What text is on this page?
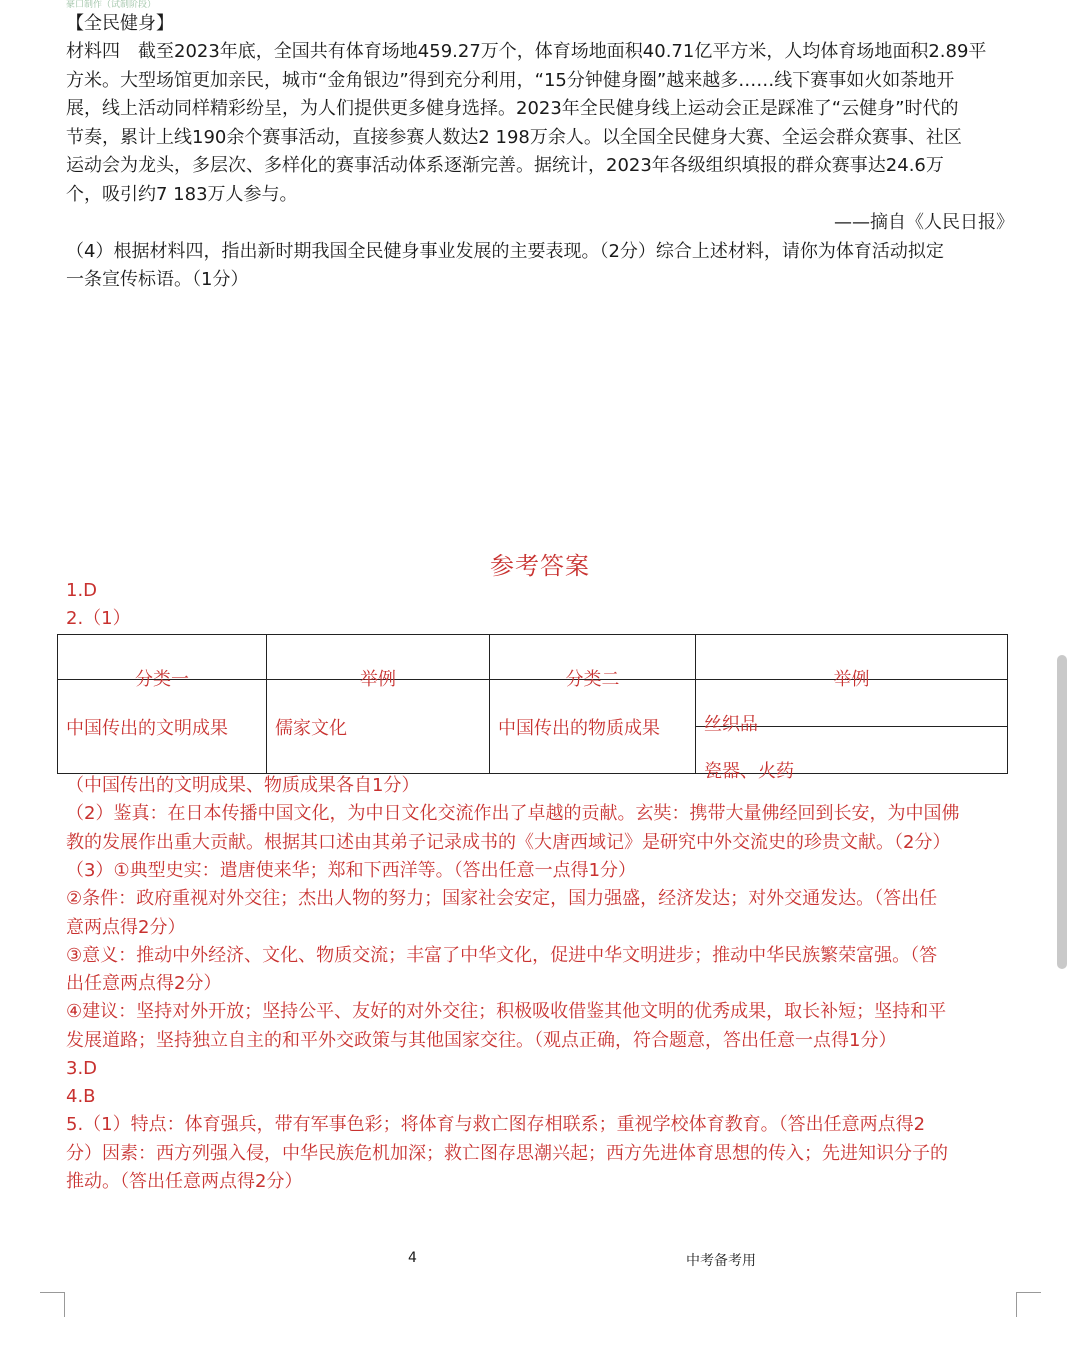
豪口制作（试制阶段）
【全民健身】
材料四　截至2023年底，全国共有体育场地459.27万个，体育场地面积40.71亿平方米，人均体育场地面积2.89平
方米。大型场馆更加亲民，城市“金角银边”得到充分利用，“15分钟健身圈”越来越多……线下赛事如火如荼地开
展，线上活动同样精彩纷呈，为人们提供更多健身选择。2023年全民健身线上运动会正是踩准了“云健身”时代的
节奏，累计上线190余个赛事活动，直接参赛人数达2 198万余人。以全国全民健身大赛、全运会群众赛事、社区
运动会为龙头，多层次、多样化的赛事活动体系逐渐完善。据统计，2023年各级组织填报的群众赛事达24.6万
个，吸引约7 183万人参与。
——摘自《人民日报》
（4）根据材料四，指出新时期我国全民健身事业发展的主要表现。（2分）综合上述材料，请你为体育活动拟定
一条宣传标语。（1分）
参考答案
1.D
2.（1）
分类一	举例	分类二	举例

中国传出的文明成果	儒家文化	中国传出的物质成果	丝织品
瓷器、火药
（中国传出的文明成果、物质成果各自1分）
（2）鉴真：在日本传播中国文化，为中日文化交流作出了卓越的贡献。玄奘：携带大量佛经回到长安，为中国佛
教的发展作出重大贡献。根据其口述由其弟子记录成书的《大唐西域记》是研究中外交流史的珍贵文献。（2分）
（3）①典型史实：遣唐使来华；郑和下西洋等。（答出任意一点得1分）
②条件：政府重视对外交往；杰出人物的努力；国家社会安定，国力强盛，经济发达；对外交通发达。（答出任
意两点得2分）
③意义：推动中外经济、文化、物质交流；丰富了中华文化，促进中华文明进步；推动中华民族繁荣富强。（答
出任意两点得2分）
④建议：坚持对外开放；坚持公平、友好的对外交往；积极吸收借鉴其他文明的优秀成果，取长补短；坚持和平
发展道路；坚持独立自主的和平外交政策与其他国家交往。（观点正确，符合题意，答出任意一点得1分）
3.D
4.B
5.（1）特点：体育强兵，带有军事色彩；将体育与救亡图存相联系；重视学校体育教育。（答出任意两点得2
分）因素：西方列强入侵，中华民族危机加深；救亡图存思潮兴起；西方先进体育思想的传入；先进知识分子的
推动。（答出任意两点得2分）
4	中考备考用
